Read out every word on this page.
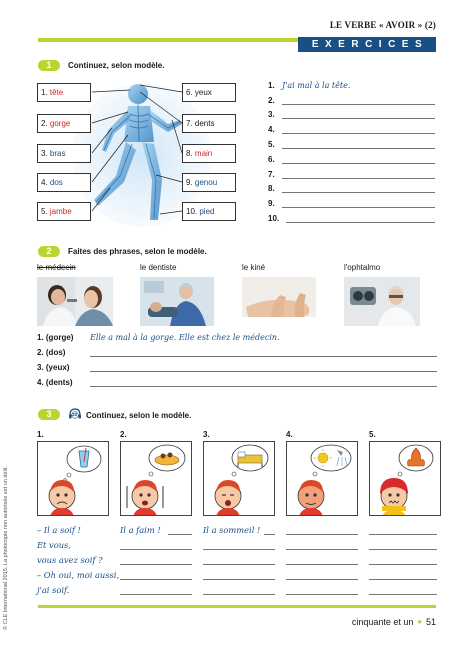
© CLE International 2015. La photocopie non autorisée est un délit.
LE VERBE « AVOIR » (2)
EXERCICES
1	Continuez, selon modèle.
1. tête
2. gorge
3. bras
4. dos
5. jambe
6. yeux
7. dents
8. main
9. genou
10. pied
1. J'ai mal à la tête.
2.
3.
4.
5.
6.
7.
8.
9.
10.
2	Faites des phrases, selon le modèle.
le médecin	le dentiste	le kiné	l'ophtalmo
1. (gorge) Elle a mal à la gorge. Elle est chez le médecin.
2. (dos)
3. (yeux)
4. (dents)
3	28 Continuez, selon le modèle.
1.	2.	3.	4.	5.
– Il a soif !
Et vous,
vous avez soif ?
– Oh oui, moi aussi,
j'ai soif.
Il a faim !	Il a sommeil !
cinquante et un ✦ 51
